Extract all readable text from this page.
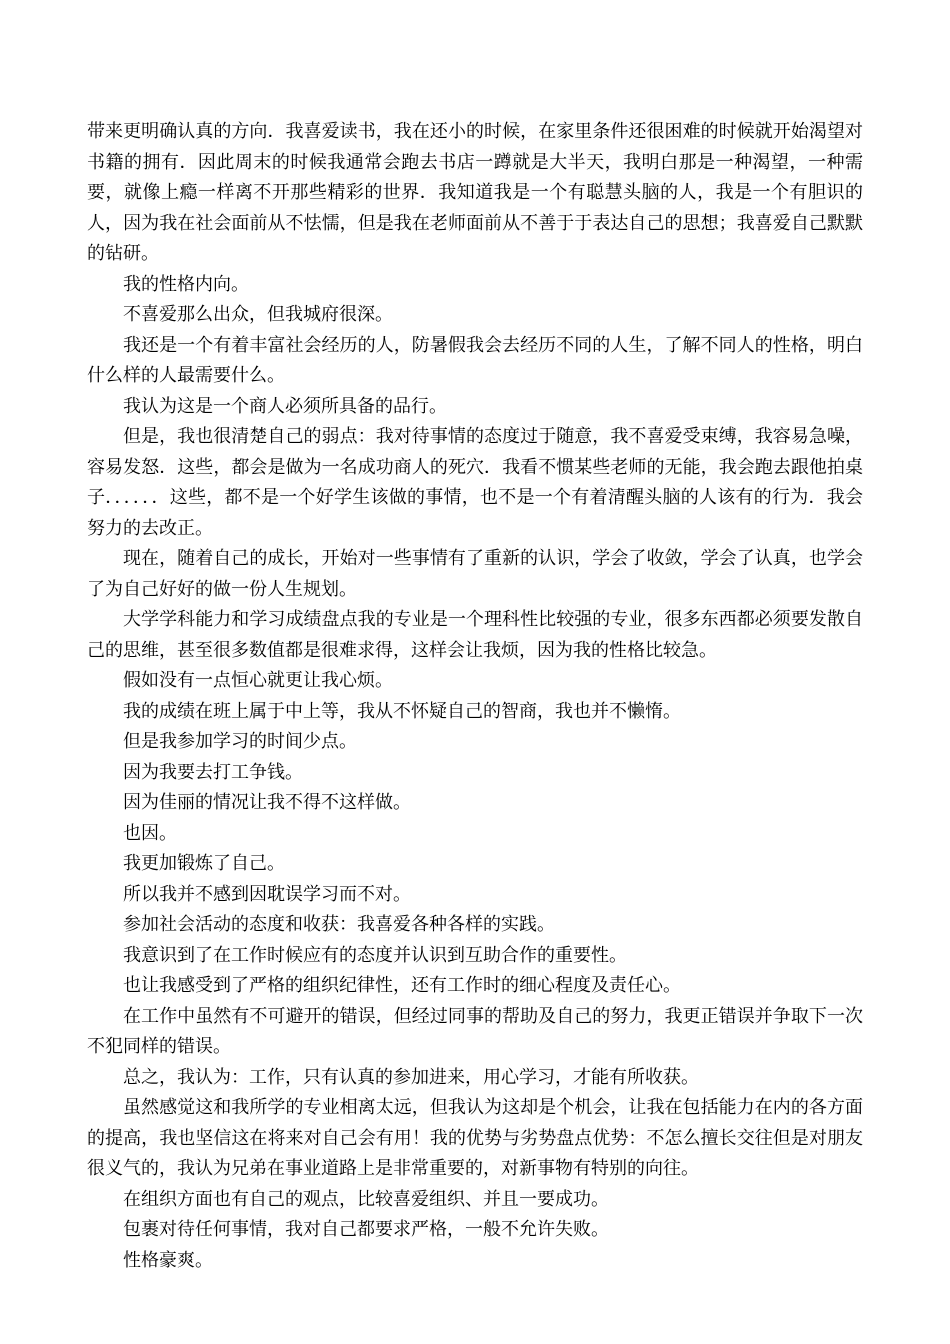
带来更明确认真的方向．我喜爱读书，我在还小的时候，在家里条件还很困难的时候就开始渴望对书籍的拥有．因此周末的时候我通常会跑去书店一蹲就是大半天，我明白那是一种渴望，一种需要，就像上瘾一样离不开那些精彩的世界．我知道我是一个有聪慧头脑的人，我是一个有胆识的人，因为我在社会面前从不怯懦，但是我在老师面前从不善于于表达自己的思想；我喜爱自己默默的钻研。

我的性格内向。

不喜爱那么出众，但我城府很深。

我还是一个有着丰富社会经历的人，防暑假我会去经历不同的人生，了解不同人的性格，明白什么样的人最需要什么。

我认为这是一个商人必须所具备的品行。

但是，我也很清楚自己的弱点：我对待事情的态度过于随意，我不喜爱受束缚，我容易急噪，容易发怒．这些，都会是做为一名成功商人的死穴．我看不惯某些老师的无能，我会跑去跟他拍桌子．．．．．．这些，都不是一个好学生该做的事情，也不是一个有着清醒头脑的人该有的行为．我会努力的去改正。

现在，随着自己的成长，开始对一些事情有了重新的认识，学会了收敛，学会了认真，也学会了为自己好好的做一份人生规划。

大学学科能力和学习成绩盘点我的专业是一个理科性比较强的专业，很多东西都必须要发散自己的思维，甚至很多数值都是很难求得，这样会让我烦，因为我的性格比较急。

假如没有一点恒心就更让我心烦。

我的成绩在班上属于中上等，我从不怀疑自己的智商，我也并不懒惰。

但是我参加学习的时间少点。

因为我要去打工争钱。

因为佳丽的情况让我不得不这样做。

也因。

我更加锻炼了自己。

所以我并不感到因耽误学习而不对。

参加社会活动的态度和收获：我喜爱各种各样的实践。

我意识到了在工作时候应有的态度并认识到互助合作的重要性。

也让我感受到了严格的组织纪律性，还有工作时的细心程度及责任心。

在工作中虽然有不可避开的错误，但经过同事的帮助及自己的努力，我更正错误并争取下一次不犯同样的错误。

总之，我认为：工作，只有认真的参加进来，用心学习，才能有所收获。

虽然感觉这和我所学的专业相离太远，但我认为这却是个机会，让我在包括能力在内的各方面的提高，我也坚信这在将来对自己会有用！我的优势与劣势盘点优势：不怎么擅长交往但是对朋友很义气的，我认为兄弟在事业道路上是非常重要的，对新事物有特别的向往。

在组织方面也有自己的观点，比较喜爱组织、并且一要成功。

包裹对待任何事情，我对自己都要求严格，一般不允许失败。

性格豪爽。
